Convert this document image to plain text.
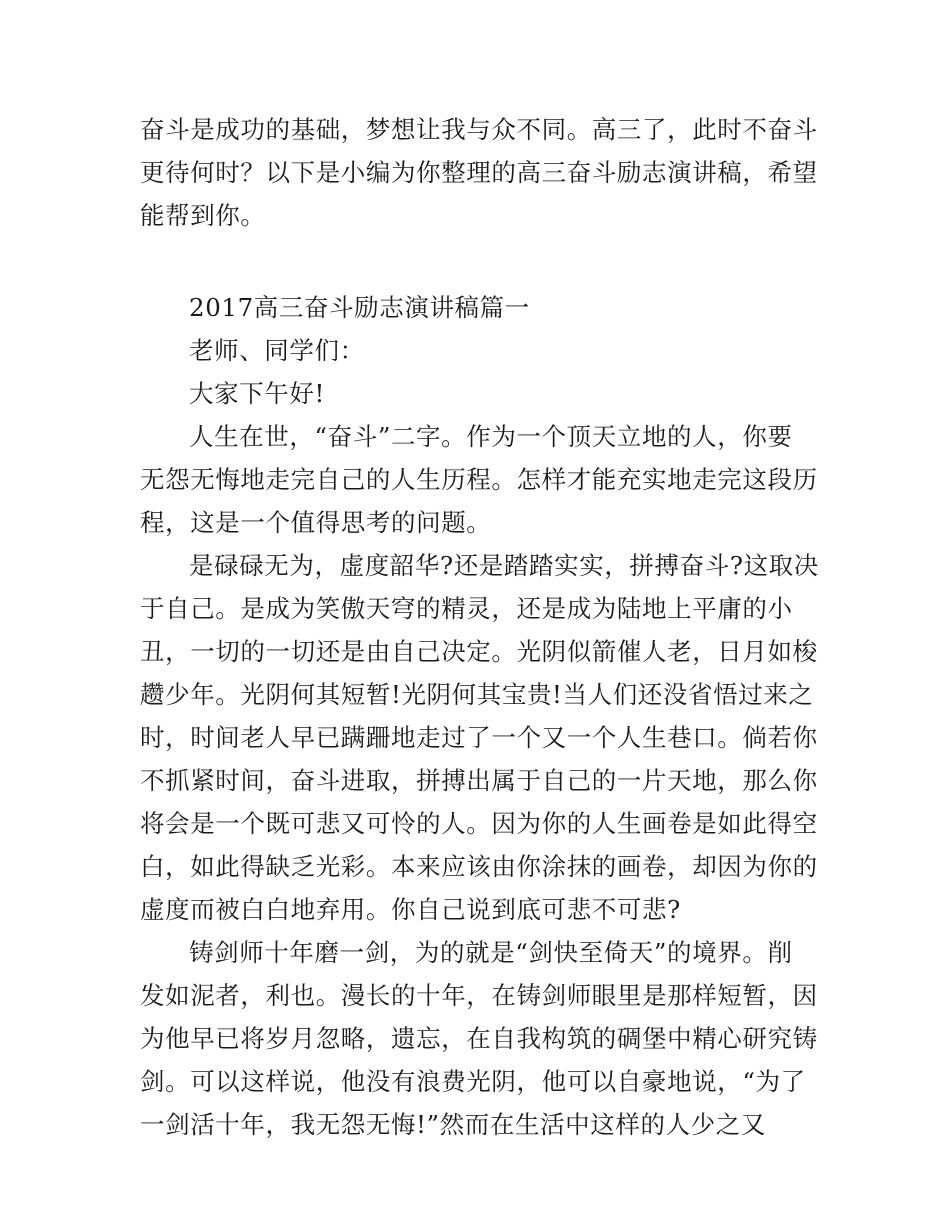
奋斗是成功的基础，梦想让我与众不同。高三了，此时不奋斗
更待何时？以下是小编为你整理的高三奋斗励志演讲稿，希望
能帮到你。
2017高三奋斗励志演讲稿篇一
老师、同学们：
大家下午好!
人生在世，“奋斗”二字。作为一个顶天立地的人，你要
无怨无悔地走完自己的人生历程。怎样才能充实地走完这段历
程，这是一个值得思考的问题。
是碌碌无为，虚度韶华?还是踏踏实实，拼搏奋斗?这取决
于自己。是成为笑傲天穹的精灵，还是成为陆地上平庸的小
丑，一切的一切还是由自己决定。光阴似箭催人老，日月如梭
趱少年。光阴何其短暂!光阴何其宝贵!当人们还没省悟过来之
时，时间老人早已蹒跚地走过了一个又一个人生巷口。倘若你
不抓紧时间，奋斗进取，拼搏出属于自己的一片天地，那么你
将会是一个既可悲又可怜的人。因为你的人生画卷是如此得空
白，如此得缺乏光彩。本来应该由你涂抹的画卷，却因为你的
虚度而被白白地弃用。你自己说到底可悲不可悲?
铸剑师十年磨一剑，为的就是“剑快至倚天”的境界。削
发如泥者，利也。漫长的十年，在铸剑师眼里是那样短暂，因
为他早已将岁月忽略，遗忘，在自我构筑的碉堡中精心研究铸
剑。可以这样说，他没有浪费光阴，他可以自豪地说，“为了
一剑活十年，我无怨无悔!”然而在生活中这样的人少之又
